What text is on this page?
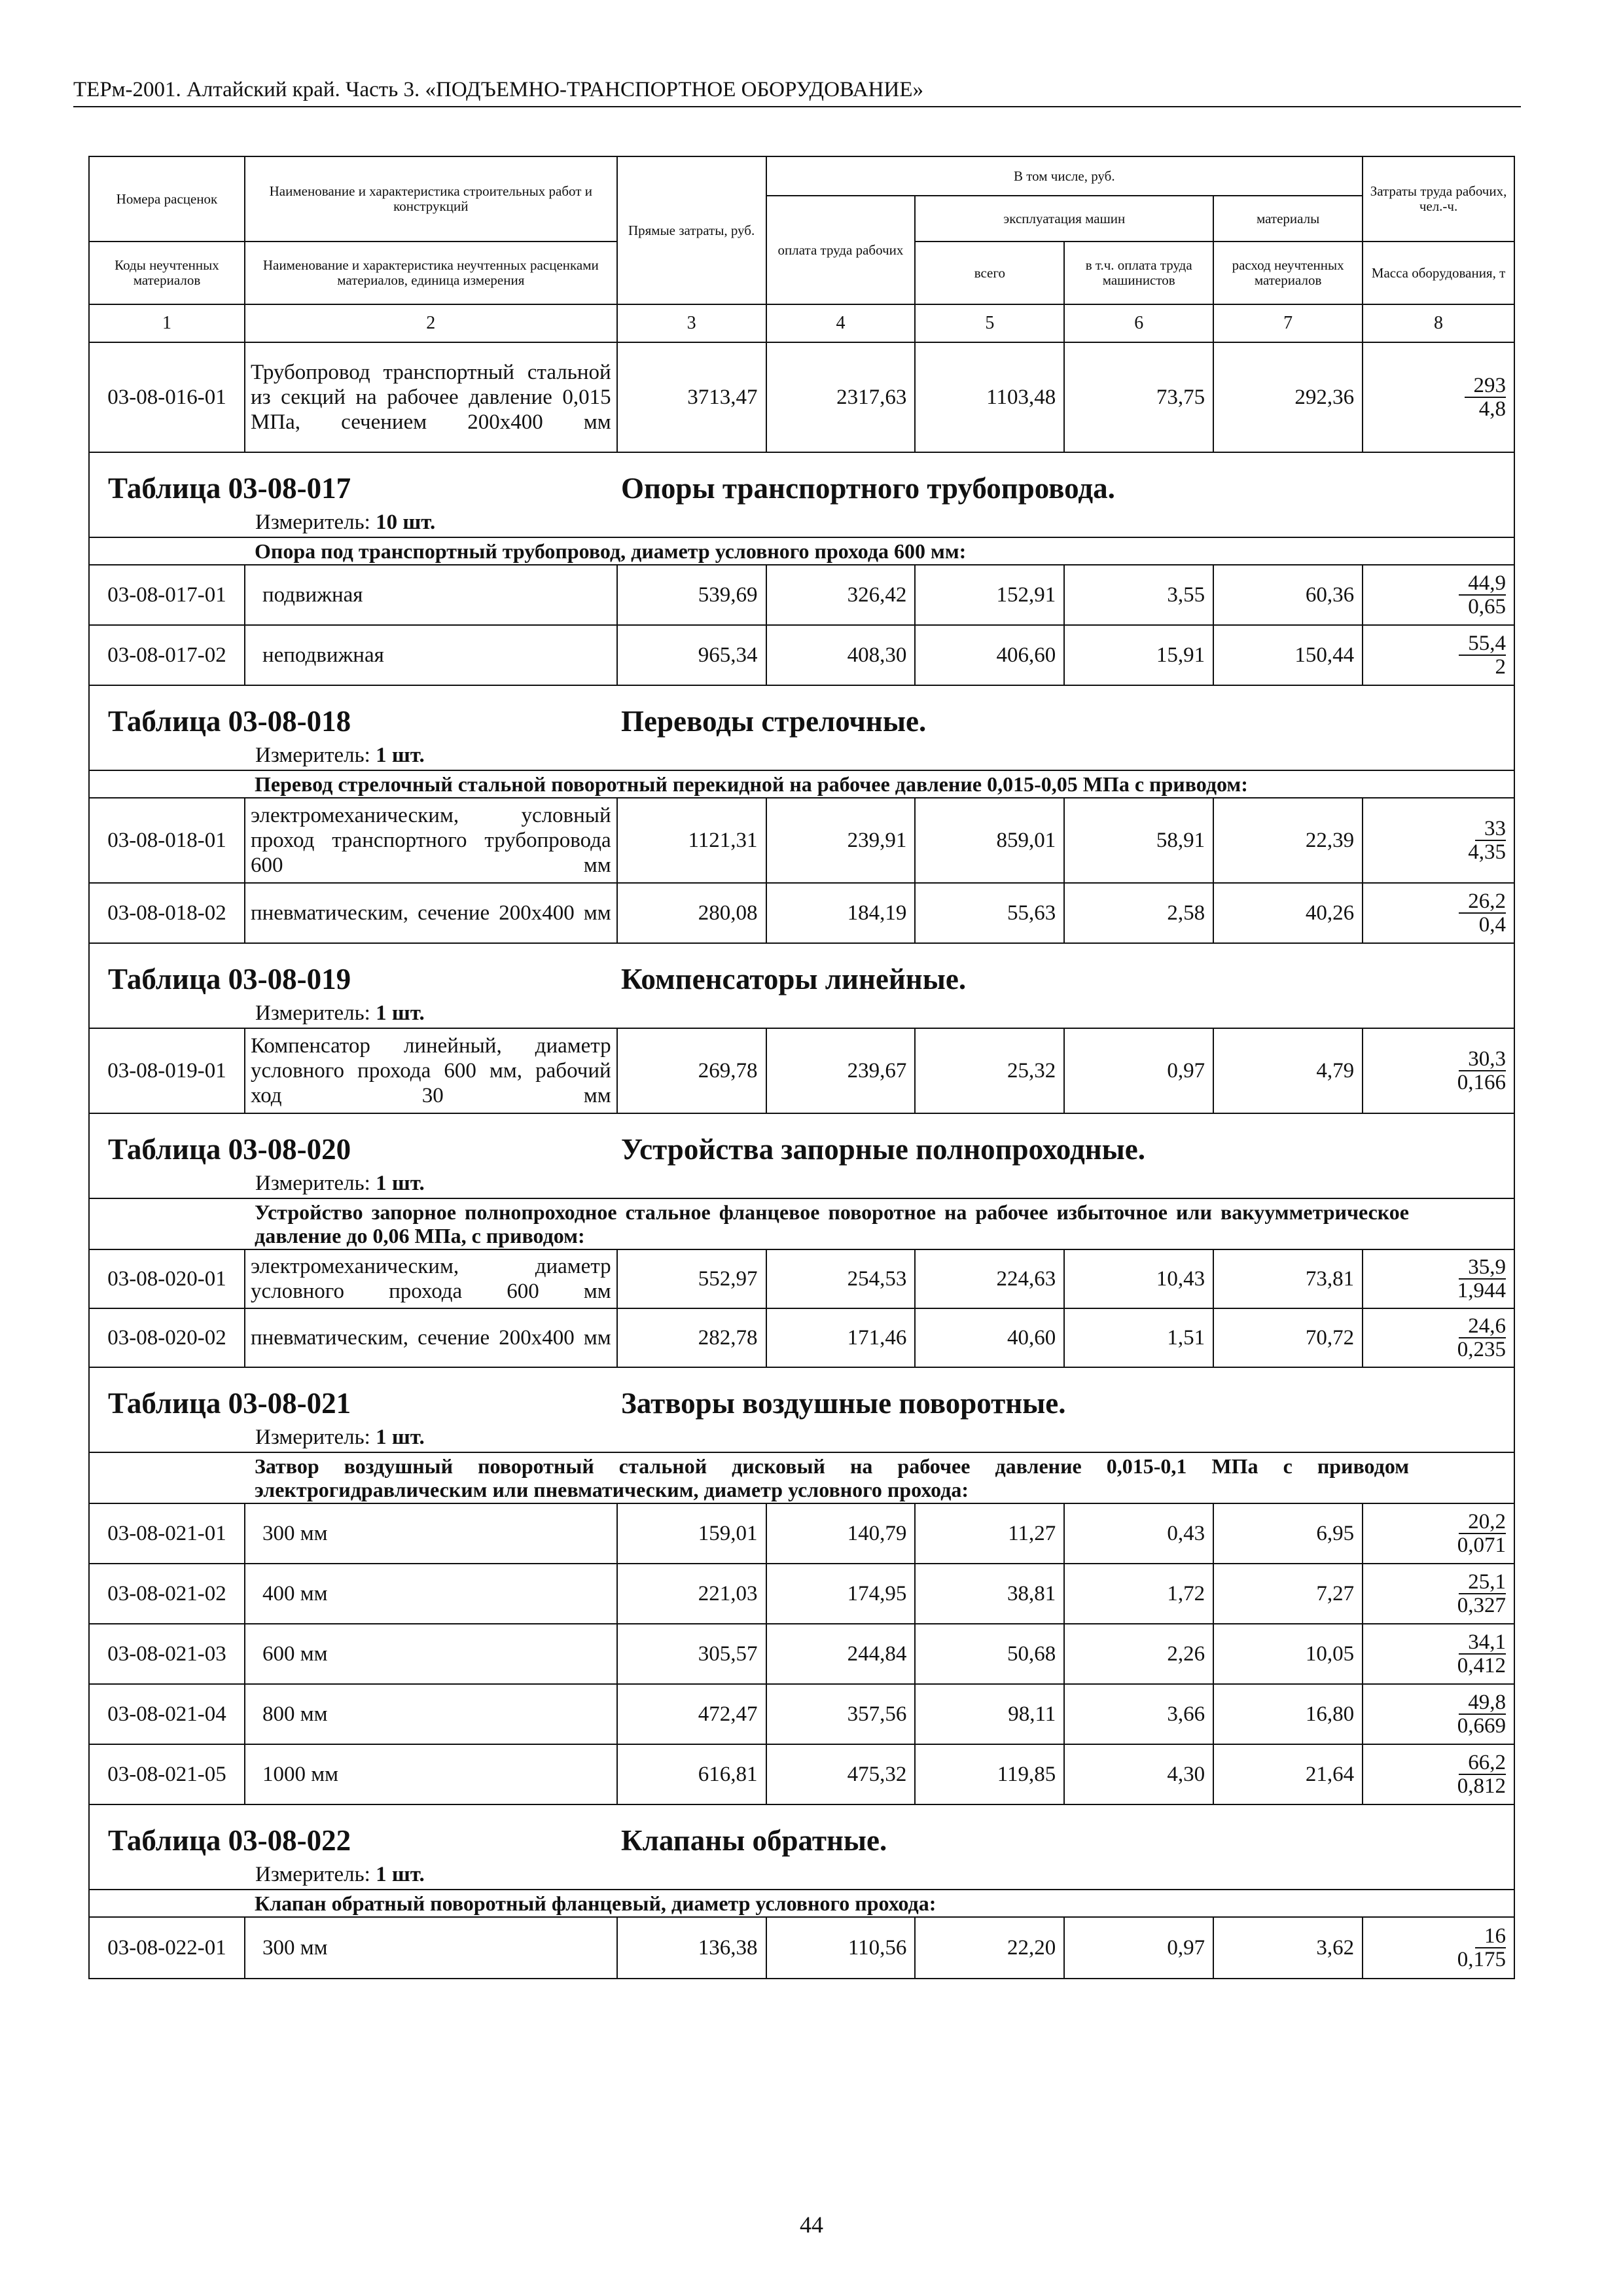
ТЕРм-2001. Алтайский край. Часть 3. «ПОДЪЕМНО-ТРАНСПОРТНОЕ ОБОРУДОВАНИЕ»
Номера расценок	Наименование и характеристика строительных работ и конструкций	Прямые затраты, руб.	В том числе, руб.				Затраты труда рабочих, чел.-ч.
			оплата труда рабочих	эксплуатация машин		материалы	
Коды неучтенных материалов	Наименование и характеристика неучтенных расценками материалов, единица измерения			всего	в т.ч. оплата труда машинистов	расход неучтенных материалов	Масса оборудования, т
1	2	3	4	5	6	7	8
03-08-016-01	Трубопровод транспортный стальной из секций на рабочее давление 0,015 МПа, сечением 200х400 мм	3713,47	2317,63	1103,48	73,75	292,36	293
4,8

Таблица 03-08-017 Опоры транспортного трубопровода.
Измеритель: 10 шт.							

Опора под транспортный трубопровод, диаметр условного прохода 600 мм:							
03-08-017-01	подвижная	539,69	326,42	152,91	3,55	60,36	44,9
0,65
03-08-017-02	неподвижная	965,34	408,30	406,60	15,91	150,44	55,4
2

Таблица 03-08-018 Переводы стрелочные.
Измеритель: 1 шт.							

Перевод стрелочный стальной поворотный перекидной на рабочее давление 0,015-0,05 МПа с приводом:							
03-08-018-01	электромеханическим, условный проход транспортного трубопровода 600 мм	1121,31	239,91	859,01	58,91	22,39	33
4,35
03-08-018-02	пневматическим, сечение 200х400 мм	280,08	184,19	55,63	2,58	40,26	26,2
0,4

Таблица 03-08-019 Компенсаторы линейные.
Измеритель: 1 шт.							

03-08-019-01	Компенсатор линейный, диаметр условного прохода 600 мм, рабочий ход 30 мм	269,78	239,67	25,32	0,97	4,79	30,3
0,166

Таблица 03-08-020 Устройства запорные полнопроходные.
Измеритель: 1 шт.							

Устройство запорное полнопроходное стальное фланцевое поворотное на рабочее избыточное или вакуумметрическое давление до 0,06 МПа, с приводом:							
03-08-020-01	электромеханическим, диаметр условного прохода 600 мм	552,97	254,53	224,63	10,43	73,81	35,9
1,944
03-08-020-02	пневматическим, сечение 200х400 мм	282,78	171,46	40,60	1,51	70,72	24,6
0,235

Таблица 03-08-021 Затворы воздушные поворотные.
Измеритель: 1 шт.							

Затвор воздушный поворотный стальной дисковый на рабочее давление 0,015-0,1 МПа с приводом электрогидравлическим или пневматическим, диаметр условного прохода:							
03-08-021-01	300 мм	159,01	140,79	11,27	0,43	6,95	20,2
0,071
03-08-021-02	400 мм	221,03	174,95	38,81	1,72	7,27	25,1
0,327
03-08-021-03	600 мм	305,57	244,84	50,68	2,26	10,05	34,1
0,412
03-08-021-04	800 мм	472,47	357,56	98,11	3,66	16,80	49,8
0,669
03-08-021-05	1000 мм	616,81	475,32	119,85	4,30	21,64	66,2
0,812

Таблица 03-08-022 Клапаны обратные.
Измеритель: 1 шт.							

Клапан обратный поворотный фланцевый, диаметр условного прохода:							
03-08-022-01	300 мм	136,38	110,56	22,20	0,97	3,62	16
0,175
44
